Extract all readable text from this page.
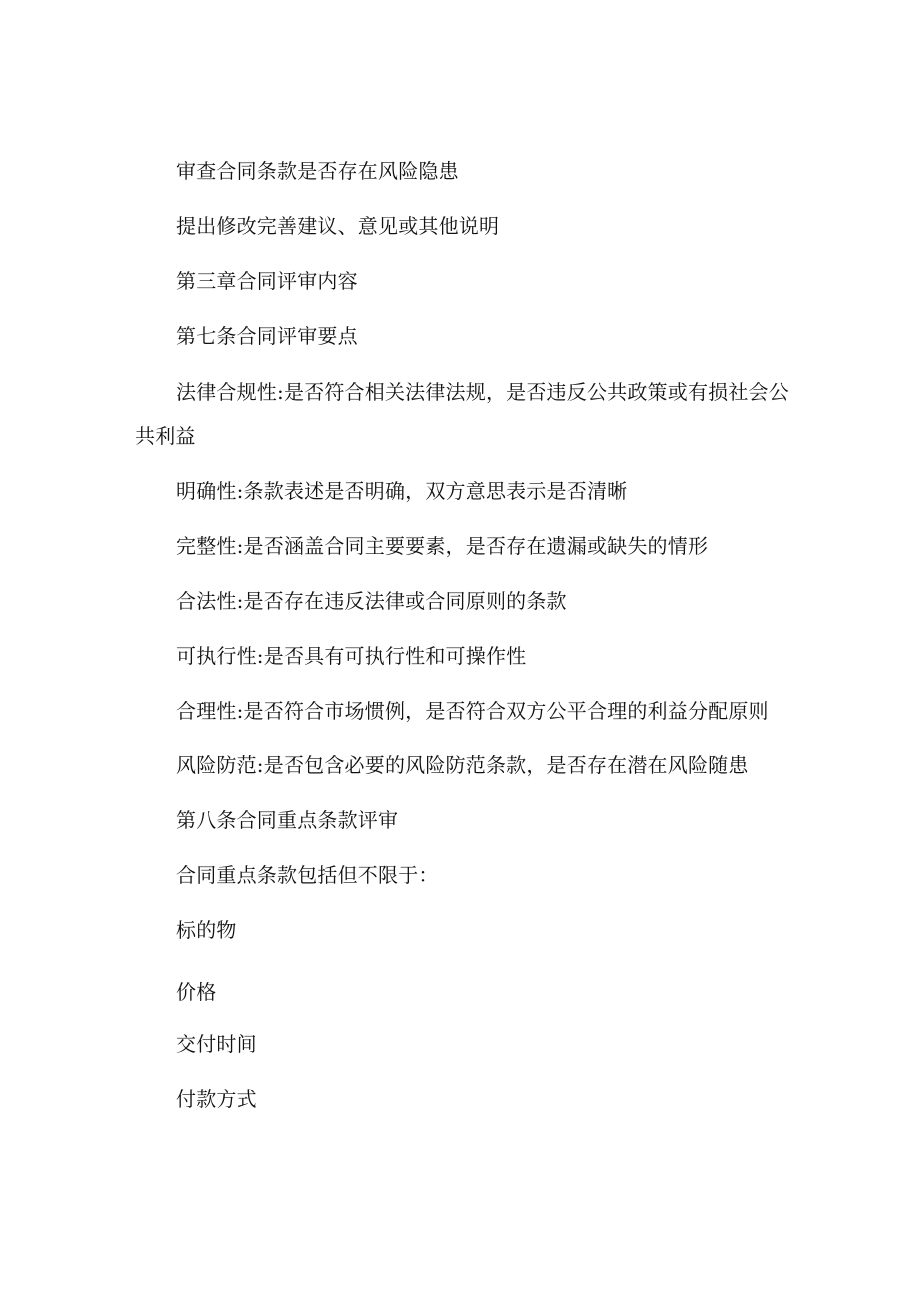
审查合同条款是否存在风险隐患
提出修改完善建议、意见或其他说明
第三章合同评审内容
第七条合同评审要点
法律合规性:是否符合相关法律法规，是否违反公共政策或有损社会公
共利益
明确性:条款表述是否明确，双方意思表示是否清晰
完整性:是否涵盖合同主要要素，是否存在遗漏或缺失的情形
合法性:是否存在违反法律或合同原则的条款
可执行性:是否具有可执行性和可操作性
合理性:是否符合市场惯例，是否符合双方公平合理的利益分配原则
风险防范:是否包含必要的风险防范条款，是否存在潜在风险随患
第八条合同重点条款评审
合同重点条款包括但不限于：
标的物
价格
交付时间
付款方式
